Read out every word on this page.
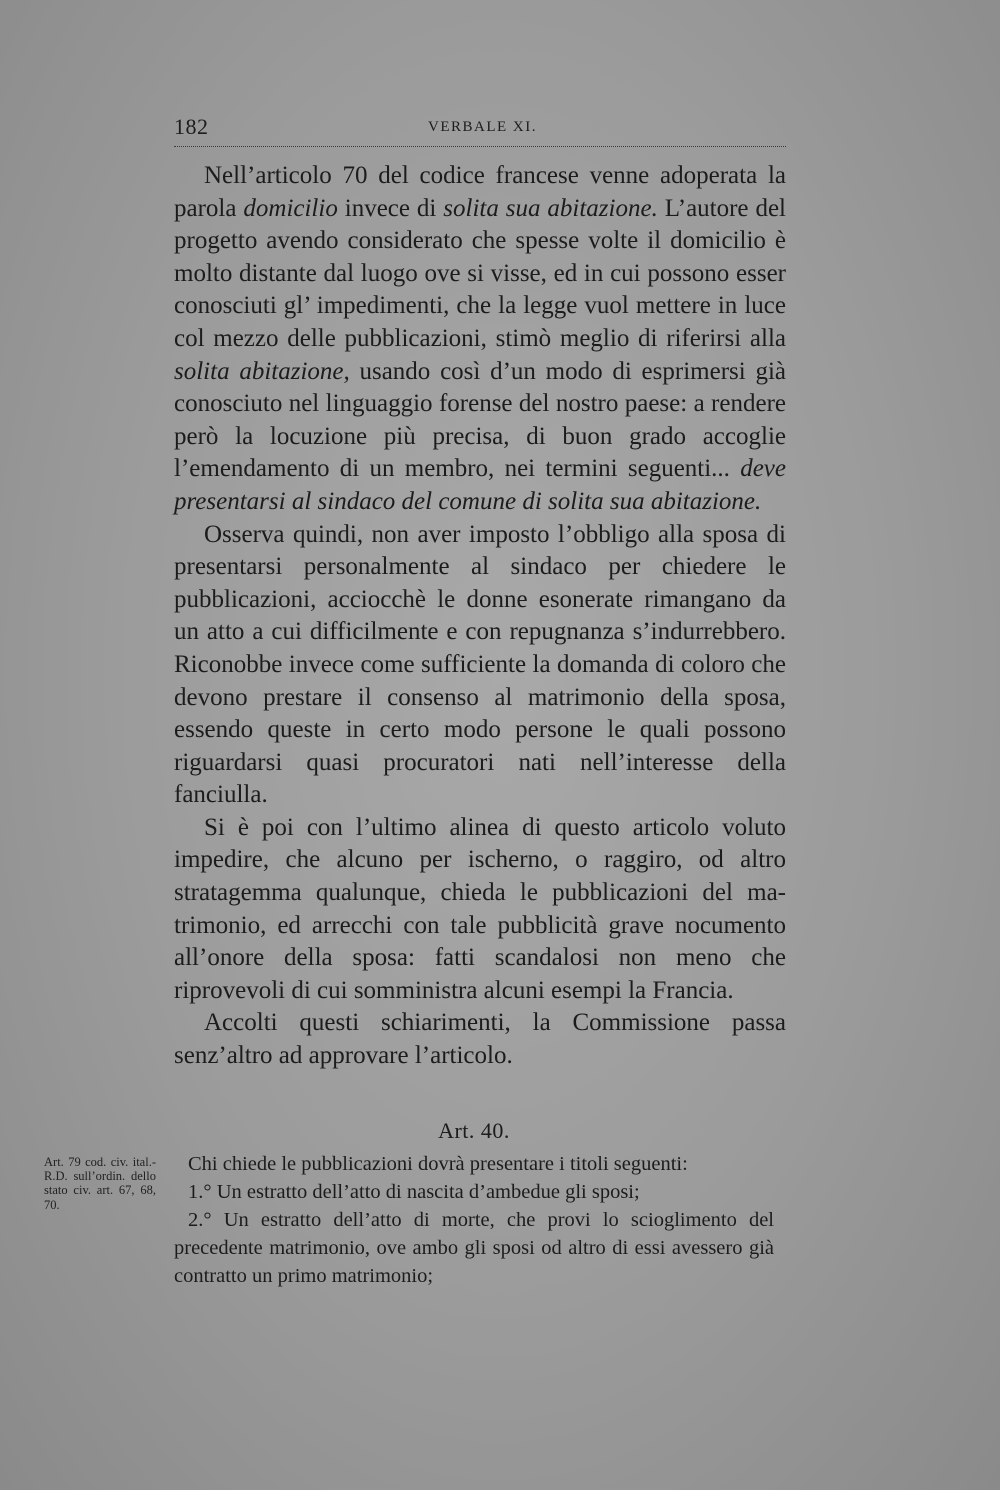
182	VERBALE XI.

Nell’articolo 70 del codice francese venne adoperata la parola domicilio invece di solita sua abitazione. L’autore del progetto avendo considerato che spesse volte il domicilio è molto distante dal luogo ove si visse, ed in cui possono esser conosciuti gl’ impedimenti, che la legge vuol mettere in luce col mezzo delle pubblicazioni, stimò meglio di riferirsi alla solita abitazione, usando così d’un modo di esprimersi già conosciuto nel linguaggio forense del nostro paese: a rendere però la locuzione più precisa, di buon grado accoglie l’emendamento di un membro, nei termini seguenti... deve presentarsi al sindaco del comune di solita sua abitazione.

Osserva quindi, non aver imposto l’obbligo alla sposa di presentarsi personalmente al sindaco per chiedere le pubblicazioni, acciocchè le donne esonerate rimangano da un atto a cui difficilmente e con repugnanza s’indurrebbero. Riconobbe invece come sufficiente la domanda di coloro che devono prestare il consenso al matrimonio della sposa, essendo queste in certo modo persone le quali possono riguardarsi quasi procuratori nati nell’interesse della fanciulla.

Si è poi con l’ultimo alinea di questo articolo voluto impedire, che alcuno per ischerno, o raggiro, od altro stratagemma qualunque, chieda le pubblicazioni del matrimonio, ed arrecchi con tale pubblicità grave nocumento all’onore della sposa: fatti scandalosi non meno che riprovevoli di cui somministra alcuni esempi la Francia.

Accolti questi schiarimenti, la Commissione passa senz’altro ad approvare l’articolo.

Art. 40.
Art. 79 cod. civ. ital.- R.D. sull’ordin. dello stato civ. art. 67, 68, 70.

Chi chiede le pubblicazioni dovrà presentare i titoli seguenti:

1.° Un estratto dell’atto di nascita d’ambedue gli sposi;

2.° Un estratto dell’atto di morte, che provi lo scioglimento del precedente matrimonio, ove ambo gli sposi od altro di essi avessero già contratto un primo matrimonio;
